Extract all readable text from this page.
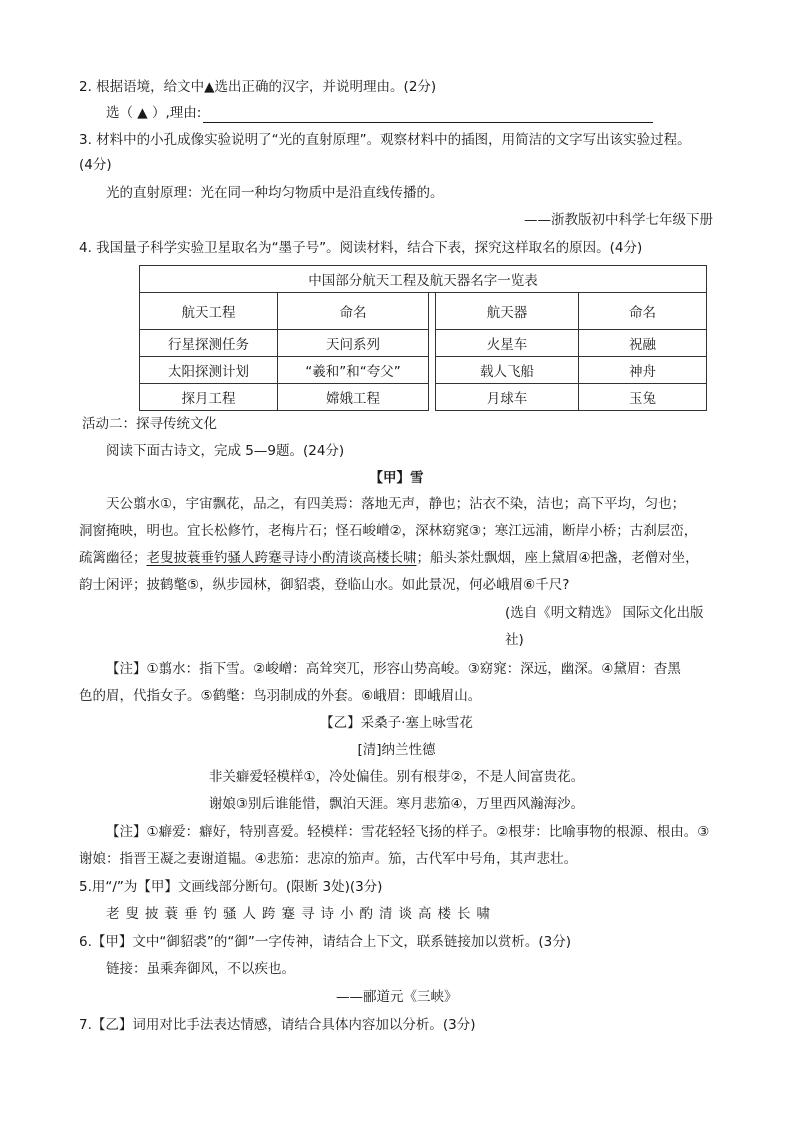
2. 根据语境，给文中▲选出正确的汉字，并说明理由。(2分)
选（ ▲ ）,理由:
3. 材料中的小孔成像实验说明了“光的直射原理”。观察材料中的插图，用简洁的文字写出该实验过程。
(4分)
光的直射原理：光在同一种均匀物质中是沿直线传播的。
——浙教版初中科学七年级下册
4. 我国量子科学实验卫星取名为“墨子号”。阅读材料，结合下表，探究这样取名的原因。(4分)
中国部分航天工程及航天器名字一览表				
航天工程	命名		航天器	命名
行星探测任务	天问系列		火星车	祝融
太阳探测计划	“羲和”和“夸父”		载人飞船	神舟
探月工程	嫦娥工程		月球车	玉兔
活动二：探寻传统文化
阅读下面古诗文，完成 5—9题。(24分)
【甲】雪
天公翦水①，宇宙飘花，品之，有四美焉：落地无声，静也；沾衣不染，洁也；高下平均，匀也；
洞窗掩映，明也。宜长松修竹，老梅片石；怪石峻嶒②，深林窈窕③；寒江远浦，断岸小桥；古刹层峦，
疏篱幽径；老叟披蓑垂钓骚人跨蹇寻诗小酌清谈高楼长啸；船头茶灶飘烟，座上黛眉④把盏，老僧对坐，
韵士闲评；披鹤氅⑤，纵步园林，御貂裘，登临山水。如此景况，何必峨眉⑥千尺?
(选自《明文精选》 国际文化出版
社)
【注】①翦水：指下雪。②峻嶒：高耸突兀，形容山势高峻。③窈窕：深远，幽深。④黛眉：杳黑
色的眉，代指女子。⑤鹤氅：鸟羽制成的外套。⑥峨眉：即峨眉山。
【乙】采桑子·塞上咏雪花
[清]纳兰性德
非关癖爱轻模样①，冷处偏佳。别有根芽②，不是人间富贵花。
谢娘③别后谁能惜，飘泊天涯。寒月悲笳④，万里西风瀚海沙。
【注】①癖爱：癖好，特别喜爱。轻模样：雪花轻轻飞扬的样子。②根芽：比喻事物的根源、根由。③
谢娘：指晋王凝之妻谢道韫。④悲笳：悲凉的笳声。笳，古代军中号角，其声悲壮。
5.用“/”为【甲】文画线部分断句。(限断 3处)(3分)
老叟披蓑垂钓骚人跨蹇寻诗小酌清谈高楼长啸
6.【甲】文中“御貂裘”的“御”一字传神，请结合上下文，联系链接加以赏析。(3分)
链接：虽乘奔御风，不以疾也。
——郦道元《三峡》
7.【乙】词用对比手法表达情感，请结合具体内容加以分析。(3分)
